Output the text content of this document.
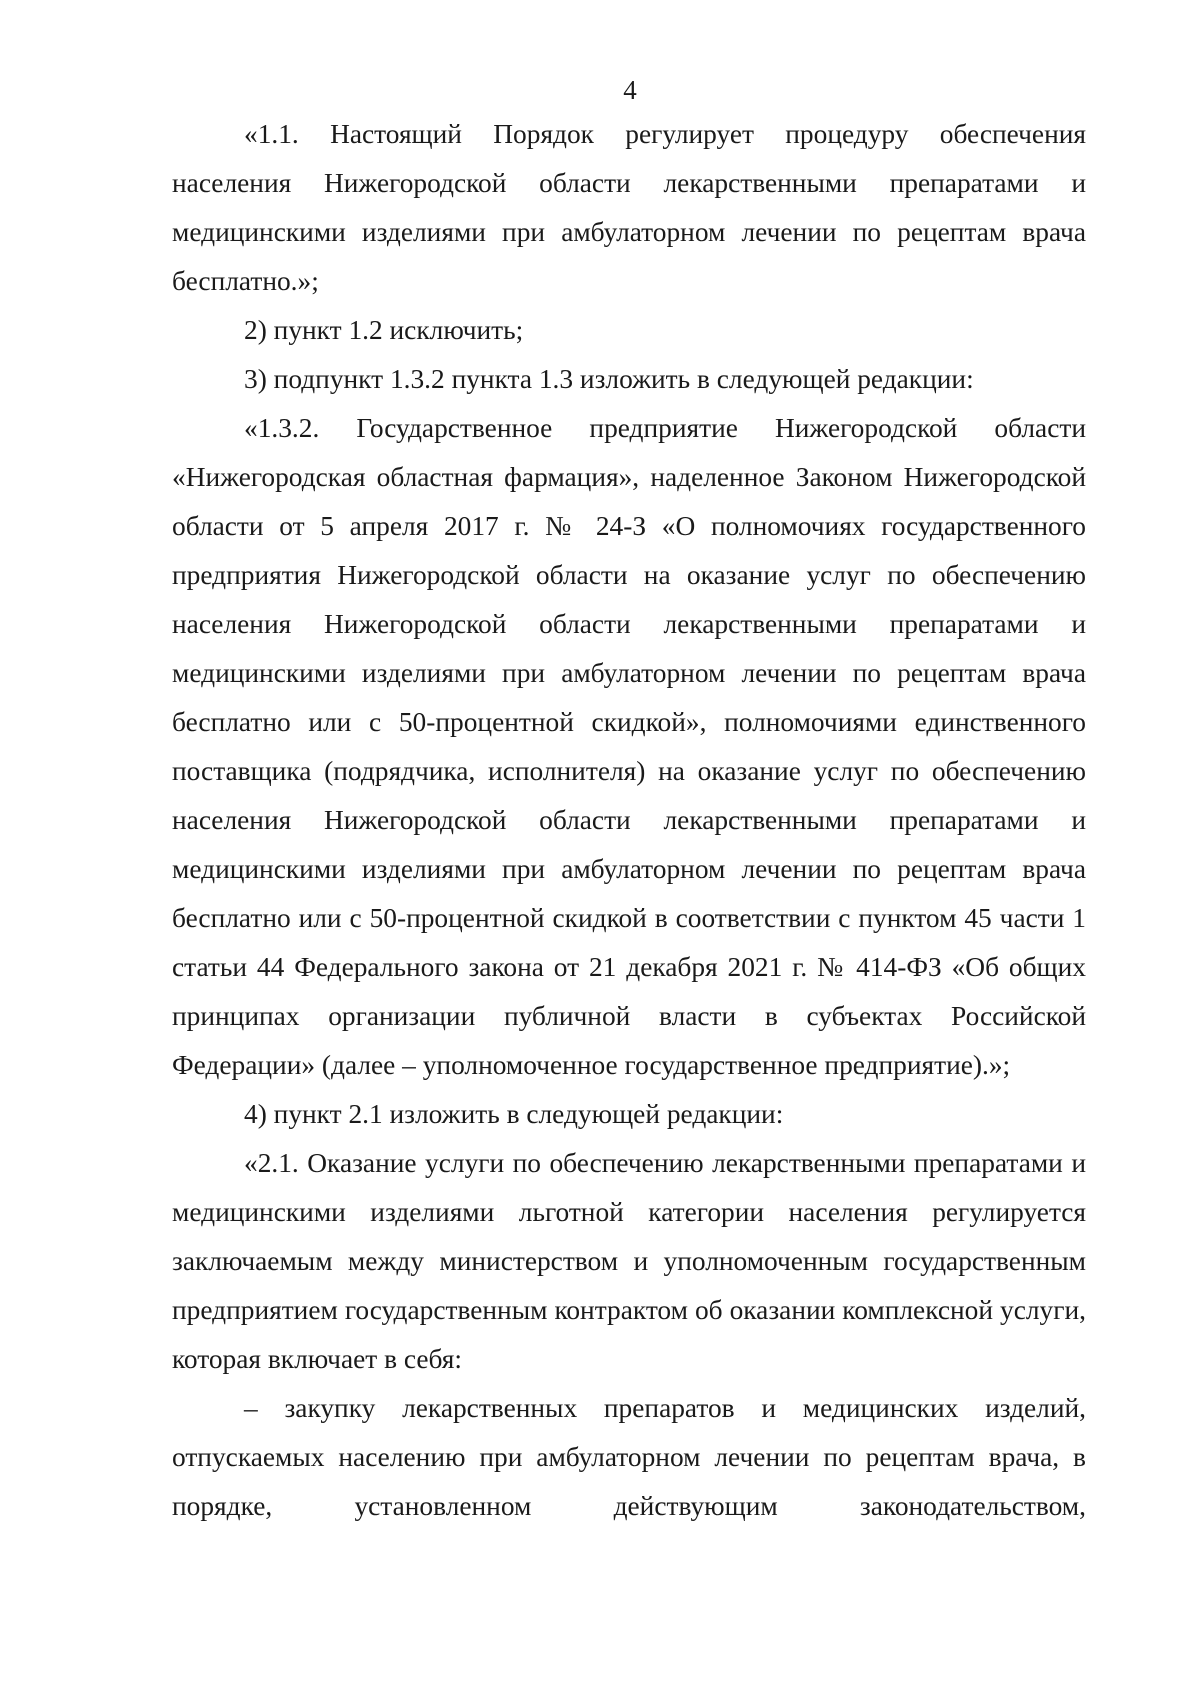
4

«1.1. Настоящий Порядок регулирует процедуру обеспечения населения Нижегородской области лекарственными препаратами и медицинскими изделиями при амбулаторном лечении по рецептам врача бесплатно.»;

2) пункт 1.2 исключить;

3) подпункт 1.3.2 пункта 1.3 изложить в следующей редакции:

«1.3.2. Государственное предприятие Нижегородской области «Нижегородская областная фармация», наделенное Законом Нижегородской области от 5 апреля 2017 г. № 24-З «О полномочиях государственного предприятия Нижегородской области на оказание услуг по обеспечению населения Нижегородской области лекарственными препаратами и медицинскими изделиями при амбулаторном лечении по рецептам врача бесплатно или с 50-процентной скидкой», полномочиями единственного поставщика (подрядчика, исполнителя) на оказание услуг по обеспечению населения Нижегородской области лекарственными препаратами и медицинскими изделиями при амбулаторном лечении по рецептам врача бесплатно или с 50-процентной скидкой в соответствии с пунктом 45 части 1 статьи 44 Федерального закона от 21 декабря 2021 г. № 414-ФЗ «Об общих принципах организации публичной власти в субъектах Российской Федерации» (далее – уполномоченное государственное предприятие).»;

4) пункт 2.1 изложить в следующей редакции:

«2.1. Оказание услуги по обеспечению лекарственными препаратами и медицинскими изделиями льготной категории населения регулируется заключаемым между министерством и уполномоченным государственным предприятием государственным контрактом об оказании комплексной услуги, которая включает в себя:

– закупку лекарственных препаратов и медицинских изделий, отпускаемых населению при амбулаторном лечении по рецептам врача, в порядке, установленном действующим законодательством,
